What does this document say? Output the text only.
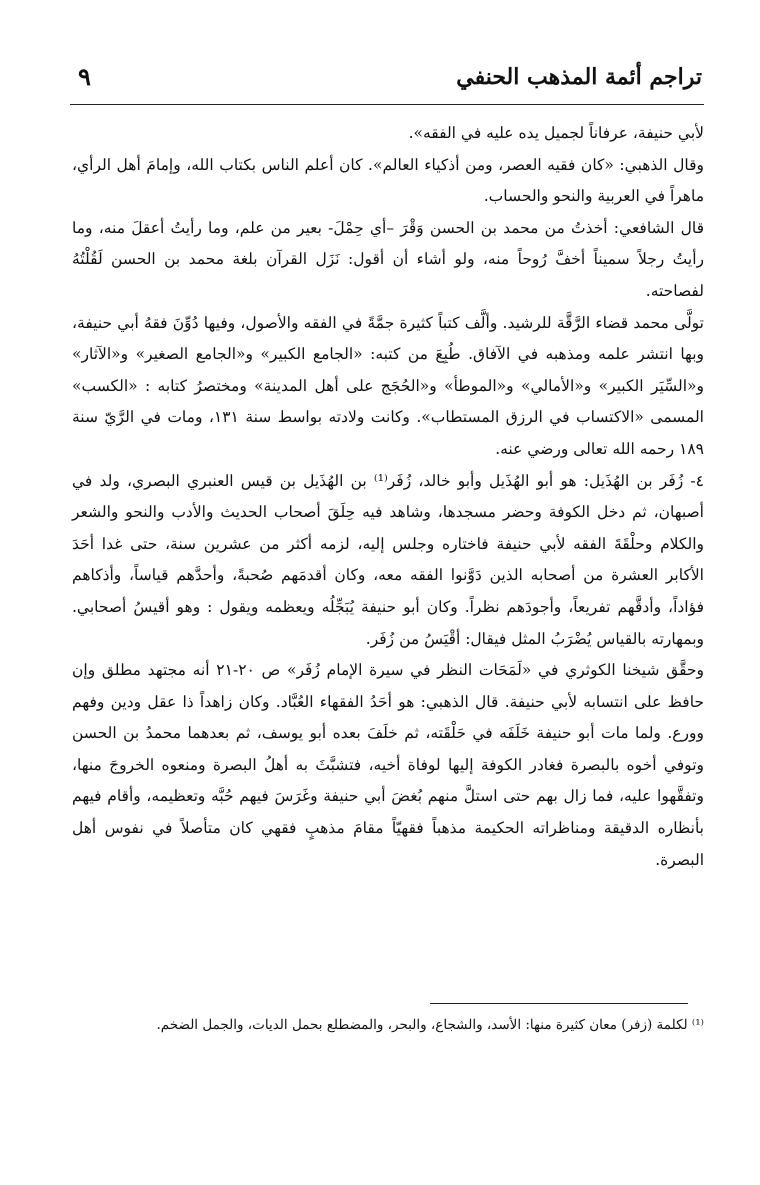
تراجم أئمة المذهب الحنفي
٩

لأبي حنيفة، عرفاناً لجميل يده عليه في الفقه».

وقال الذهبي: «كان فقيه العصر، ومن أذكياء العالم». كان أعلم الناس بكتاب الله، وإمامَ أهل الرأي، ماهراً في العربية والنحو والحساب.

قال الشافعي: أخذتُ من محمد بن الحسن وَقْرَ –أي حِمْلَ- بعير من علم، وما رأيتُ أعقلَ منه، وما رأيتُ رجلاً سميناً أخفَّ رُوحاً منه، ولو أشاء أن أقول: نَزَل القرآن بلغة محمد بن الحسن لَقُلْتُهُ لفصاحته.

تولَّى محمد قضاء الرَّقَّة للرشيد. وألَّف كتباً كثيرة جمَّةً في الفقه والأصول، وفيها دُوِّنَ فقهُ أبي حنيفة، وبها انتشر علمه ومذهبه في الآفاق. طُبِعَ من كتبه: «الجامع الكبير» و«الجامع الصغير» و«الآثار» و«السِّيَر الكبير» و«الأمالي» و«الموطأ» و«الحُجَج على أهل المدينة» ومختصرُ كتابه : «الكسب» المسمى «الاكتساب في الرزق المستطاب». وكانت ولادته بواسط سنة ١٣١، ومات في الرَّيّ سنة ١٨٩ رحمه الله تعالى ورضي عنه.

٤- زُفَر بن الهُذَيل: هو أبو الهُذَيل وأبو خالد، زُفَر⁽¹⁾ بن الهُذَيل بن قيس العنبري البصري، ولد في أصبهان، ثم دخل الكوفة وحضر مسجدها، وشاهد فيه حِلَقَ أصحاب الحديث والأدب والنحو والشعر والكلام وحلْقَةَ الفقه لأبي حنيفة فاختاره وجلس إليه، لزمه أكثر من عشرين سنة، حتى غدا أحَدَ الأكابر العشرة من أصحابه الذين دَوَّنوا الفقه معه، وكان أقدمَهم صُحبةً، وأحدَّهم قياساً، وأذكاهم فؤاداً، وأدقَّهم تفريعاً، وأجودَهم نظراً. وكان أبو حنيفة يُبَجِّلُه ويعظمه ويقول : وهو أقيسُ أصحابي. وبمهارته بالقياس يُضْرَبُ المثل فيقال: أقْيَسُ من زُفَر.

وحقَّق شيخنا الكوثري في «لَمَحَات النظر في سيرة الإمام زُفَر» ص ٢٠-٢١ أنه مجتهد مطلق وإن حافظ على انتسابه لأبي حنيفة. قال الذهبي: هو أحَدُ الفقهاء العُبَّاد. وكان زاهداً ذا عقل ودين وفهم وورع. ولما مات أبو حنيفة خَلَفَه في حَلْقَته، ثم خلَفَ بعده أبو يوسف، ثم بعدهما محمدُ بن الحسن وتوفي أخوه بالبصرة فغادر الكوفة إليها لوفاة أخيه، فتشبَّثَ به أهلُ البصرة ومنعوه الخروجَ منها، وتفقَّهوا عليه، فما زال بهم حتى استلَّ منهم بُغضَ أبي حنيفة وغَرَسَ فيهم حُبَّه وتعظيمه، وأقام فيهم بأنظاره الدقيقة ومناظراته الحكيمة مذهباً فقهيّاً مقامَ مذهبٍ فقهي كان متأصلاً في نفوس أهل البصرة.

⁽¹⁾ لكلمة (زفر) معان كثيرة منها: الأسد، والشجاع، والبحر، والمضطلع بحمل الديات، والجمل الضخم.
